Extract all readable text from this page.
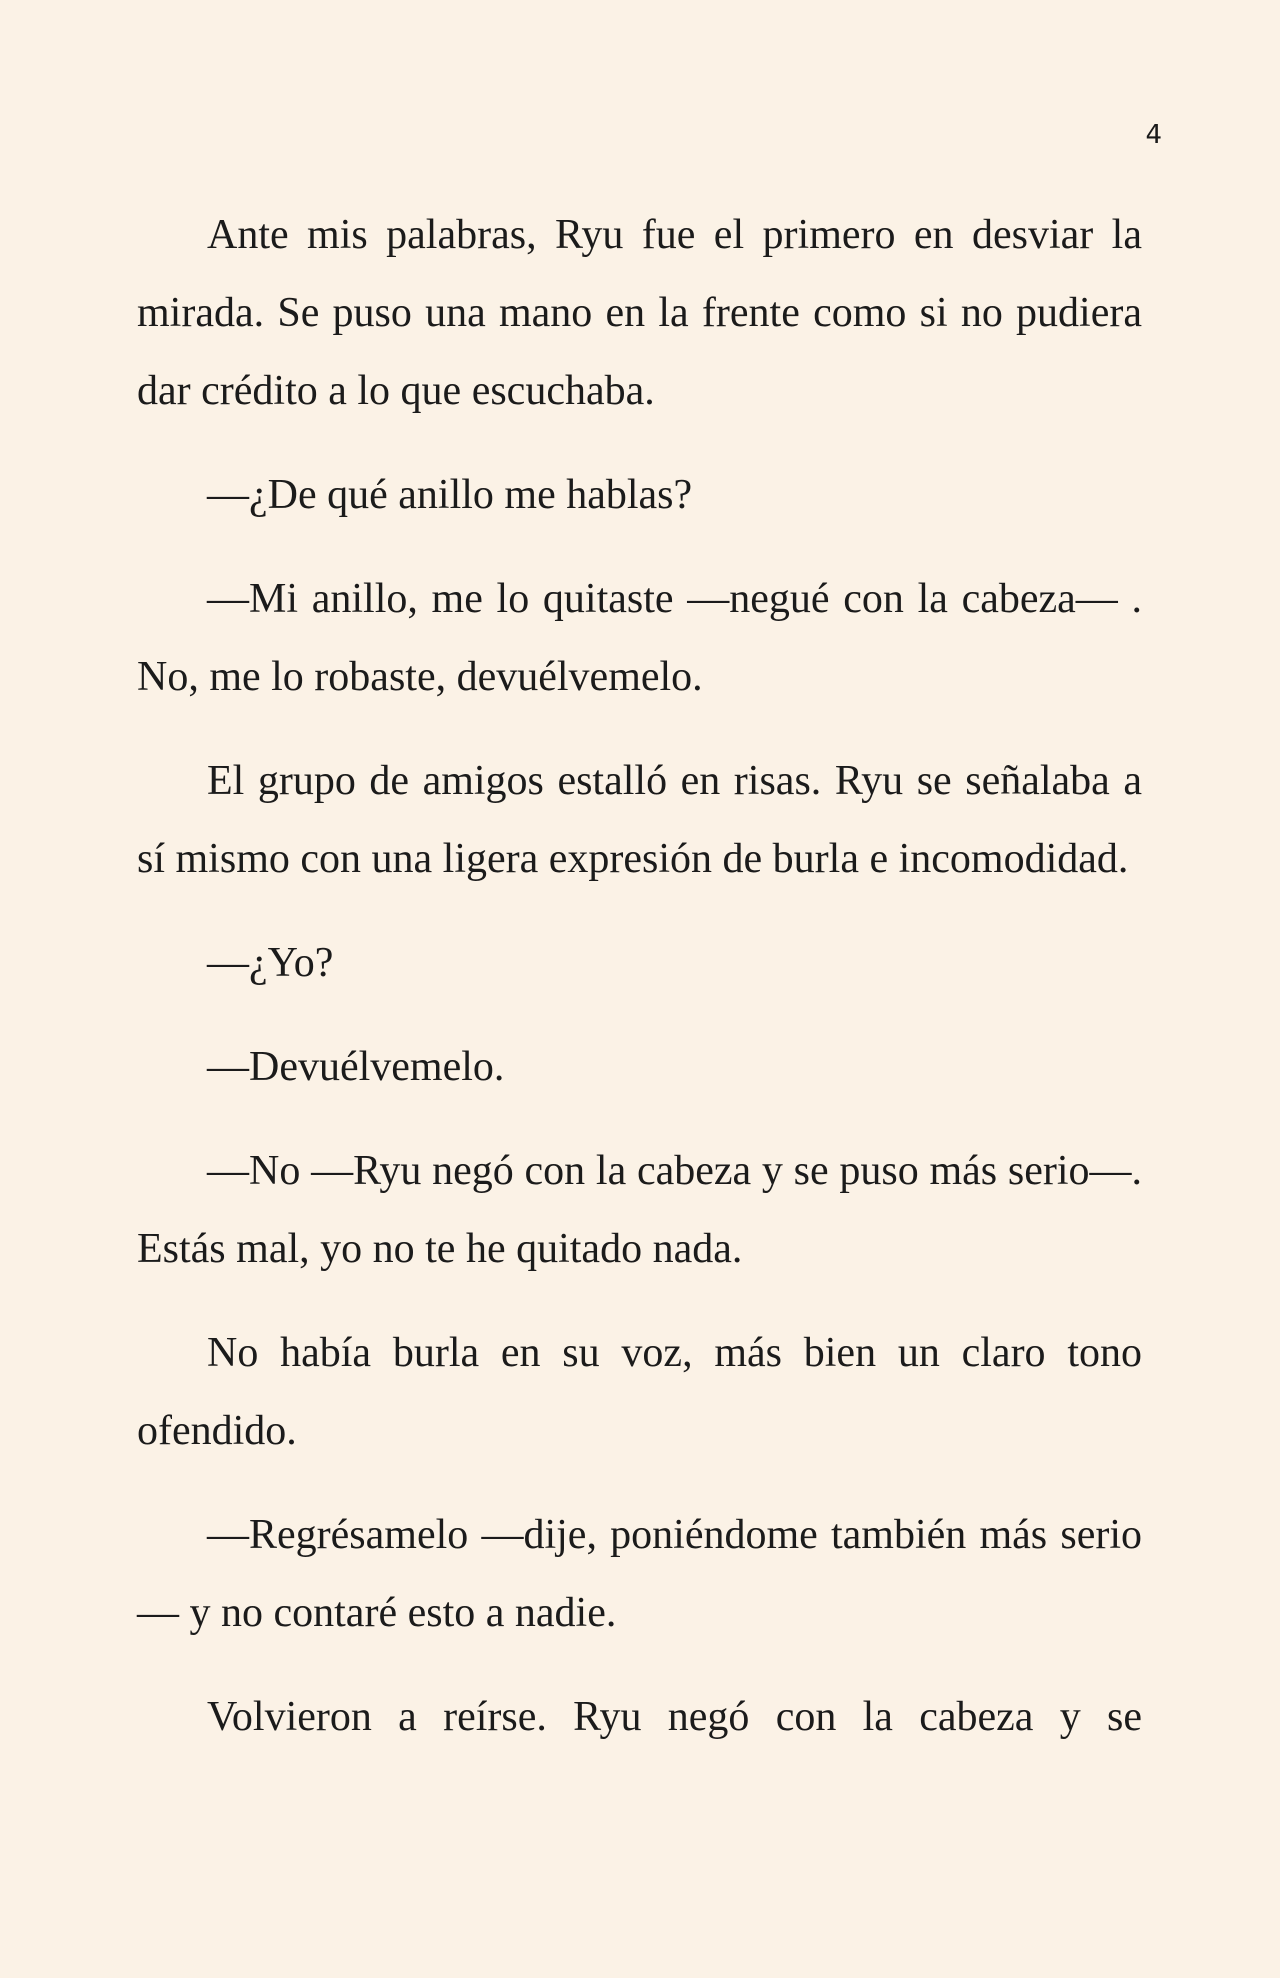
4

Ante mis palabras, Ryu fue el primero en desviar la mirada. Se puso una mano en la frente como si no pudiera dar crédito a lo que escuchaba.

—¿De qué anillo me hablas?

—Mi anillo, me lo quitaste —negué con la cabeza— . No, me lo robaste, devuélvemelo.

El grupo de amigos estalló en risas. Ryu se señalaba a sí mismo con una ligera expresión de burla e incomodidad.

—¿Yo?

—Devuélvemelo.

—No —Ryu negó con la cabeza y se puso más serio—. Estás mal, yo no te he quitado nada.

No había burla en su voz, más bien un claro tono ofendido.

—Regrésamelo —dije, poniéndome también más serio— y no contaré esto a nadie.

Volvieron a reírse. Ryu negó con la cabeza y se
